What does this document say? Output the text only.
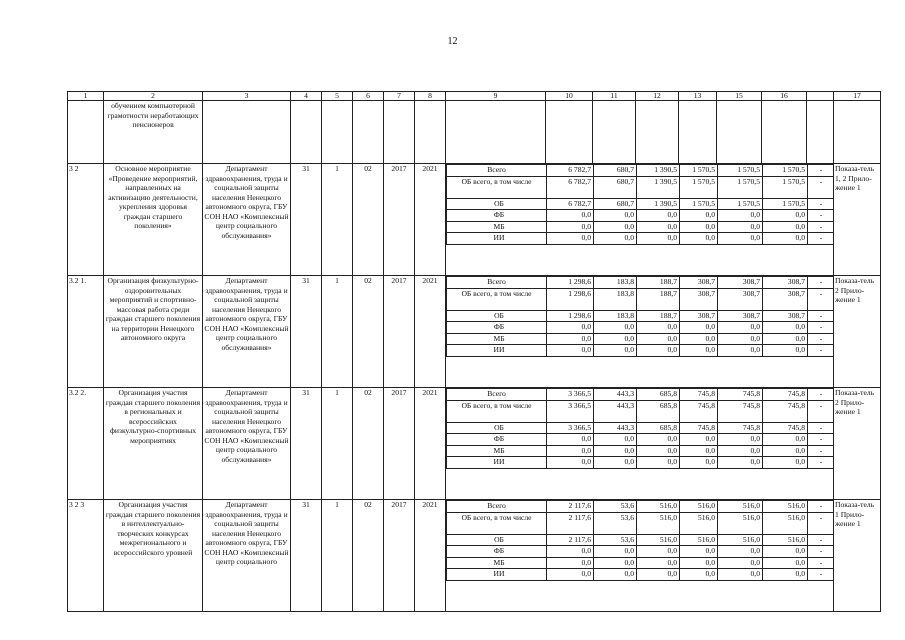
12
1	2	3	4	5	6	7	8	9	10	11	12	13	15	16		17
	обучением компьютерной грамотности неработающих пенсионеров															
3 2	Основное мероприятие «Проведение мероприятий, направленных на активизацию деятельности, укрепления здоровья граждан старшего поколения»	Департамент здравоохранения, труда и социальной защиты населения Ненецкого автономного округа, ГБУ СОН НАО «Комплексный центр социального обслуживания»	31	1	02	2017	2021		Всего	6 782,7	680,7	1 390,5	1 570,5	1 570,5	1 570,5	-
ОБ всего, в том числе	6 782,7	680,7	1 390,5	1 570,5	1 570,5	1 570,5	-
ОБ	6 782,7	680,7	1 390,5	1 570,5	1 570,5	1 570,5	-
ФБ	0,0	0,0	0,0	0,0	0,0	0,0	-
МБ	0,0	0,0	0,0	0,0	0,0	0,0	-
ИИ	0,0	0,0	0,0	0,0	0,0	0,0	-
	Показа-тель 1, 2 Прило-жение 1
3.2 1.	Организация физкультурно-оздоровительных мероприятий и спортивно-массовая работа среди граждан старшего поколения на территории Ненецкого автономного округа	Департамент здравоохранения, труда и социальной защиты населения Ненецкого автономного округа, ГБУ СОН НАО «Комплексный центр социального обслуживания»	31	1	02	2017	2021		Всего	1 298,6	183,8	188,7	308,7	308,7	308,7	-
ОБ всего, в том числе	1 298,6	183,8	188,7	308,7	308,7	308,7	-
ОБ	1 298,6	183,8	188,7	308,7	308,7	308,7	-
ФБ	0,0	0,0	0,0	0,0	0,0	0,0	-
МБ	0,0	0,0	0,0	0,0	0,0	0,0	-
ИИ	0,0	0,0	0,0	0,0	0,0	0,0	-
	Показа-тель 2 Прило-жение 1
3.2 2.	Организация участия граждан старшего поколения в региональных и всероссийских физкультурно-спортивных мероприятиях	Департамент здравоохранения, труда и социальной защиты населения Ненецкого автономного округа, ГБУ СОН НАО «Комплексный центр социального обслуживания»	31	1	02	2017	2021		Всего	3 366,5	443,3	685,8	745,8	745,8	745,8	-
ОБ всего, в том числе	3 366,5	443,3	685,8	745,8	745,8	745,8	-
ОБ	3 366,5	443,3	685,8	745,8	745,8	745,8	-
ФБ	0,0	0,0	0,0	0,0	0,0	0,0	-
МБ	0,0	0,0	0,0	0,0	0,0	0,0	-
ИИ	0,0	0,0	0,0	0,0	0,0	0,0	-
	Показа-тель 2 Прило-жение 1
3 2 3	Организация участия граждан старшего поколения в интеллектуально-творческих конкурсах межрегионального и всероссийского уровней	Департамент здравоохранения, труда и социальной защиты населения Ненецкого автономного округа, ГБУ СОН НАО «Комплексный центр социального	31	1	02	2017	2021		Всего	2 117,6	53,6	516,0	516,0	516,0	516,0	-
ОБ всего, в том числе	2 117,6	53,6	516,0	516,0	516,0	516,0	-
ОБ	2 117,6	53,6	516,0	516,0	516,0	516,0	-
ФБ	0,0	0,0	0,0	0,0	0,0	0,0	-
МБ	0,0	0,0	0,0	0,0	0,0	0,0	-
ИИ	0,0	0,0	0,0	0,0	0,0	0,0	-
	Показа-тель 1 Прило-жение 1
